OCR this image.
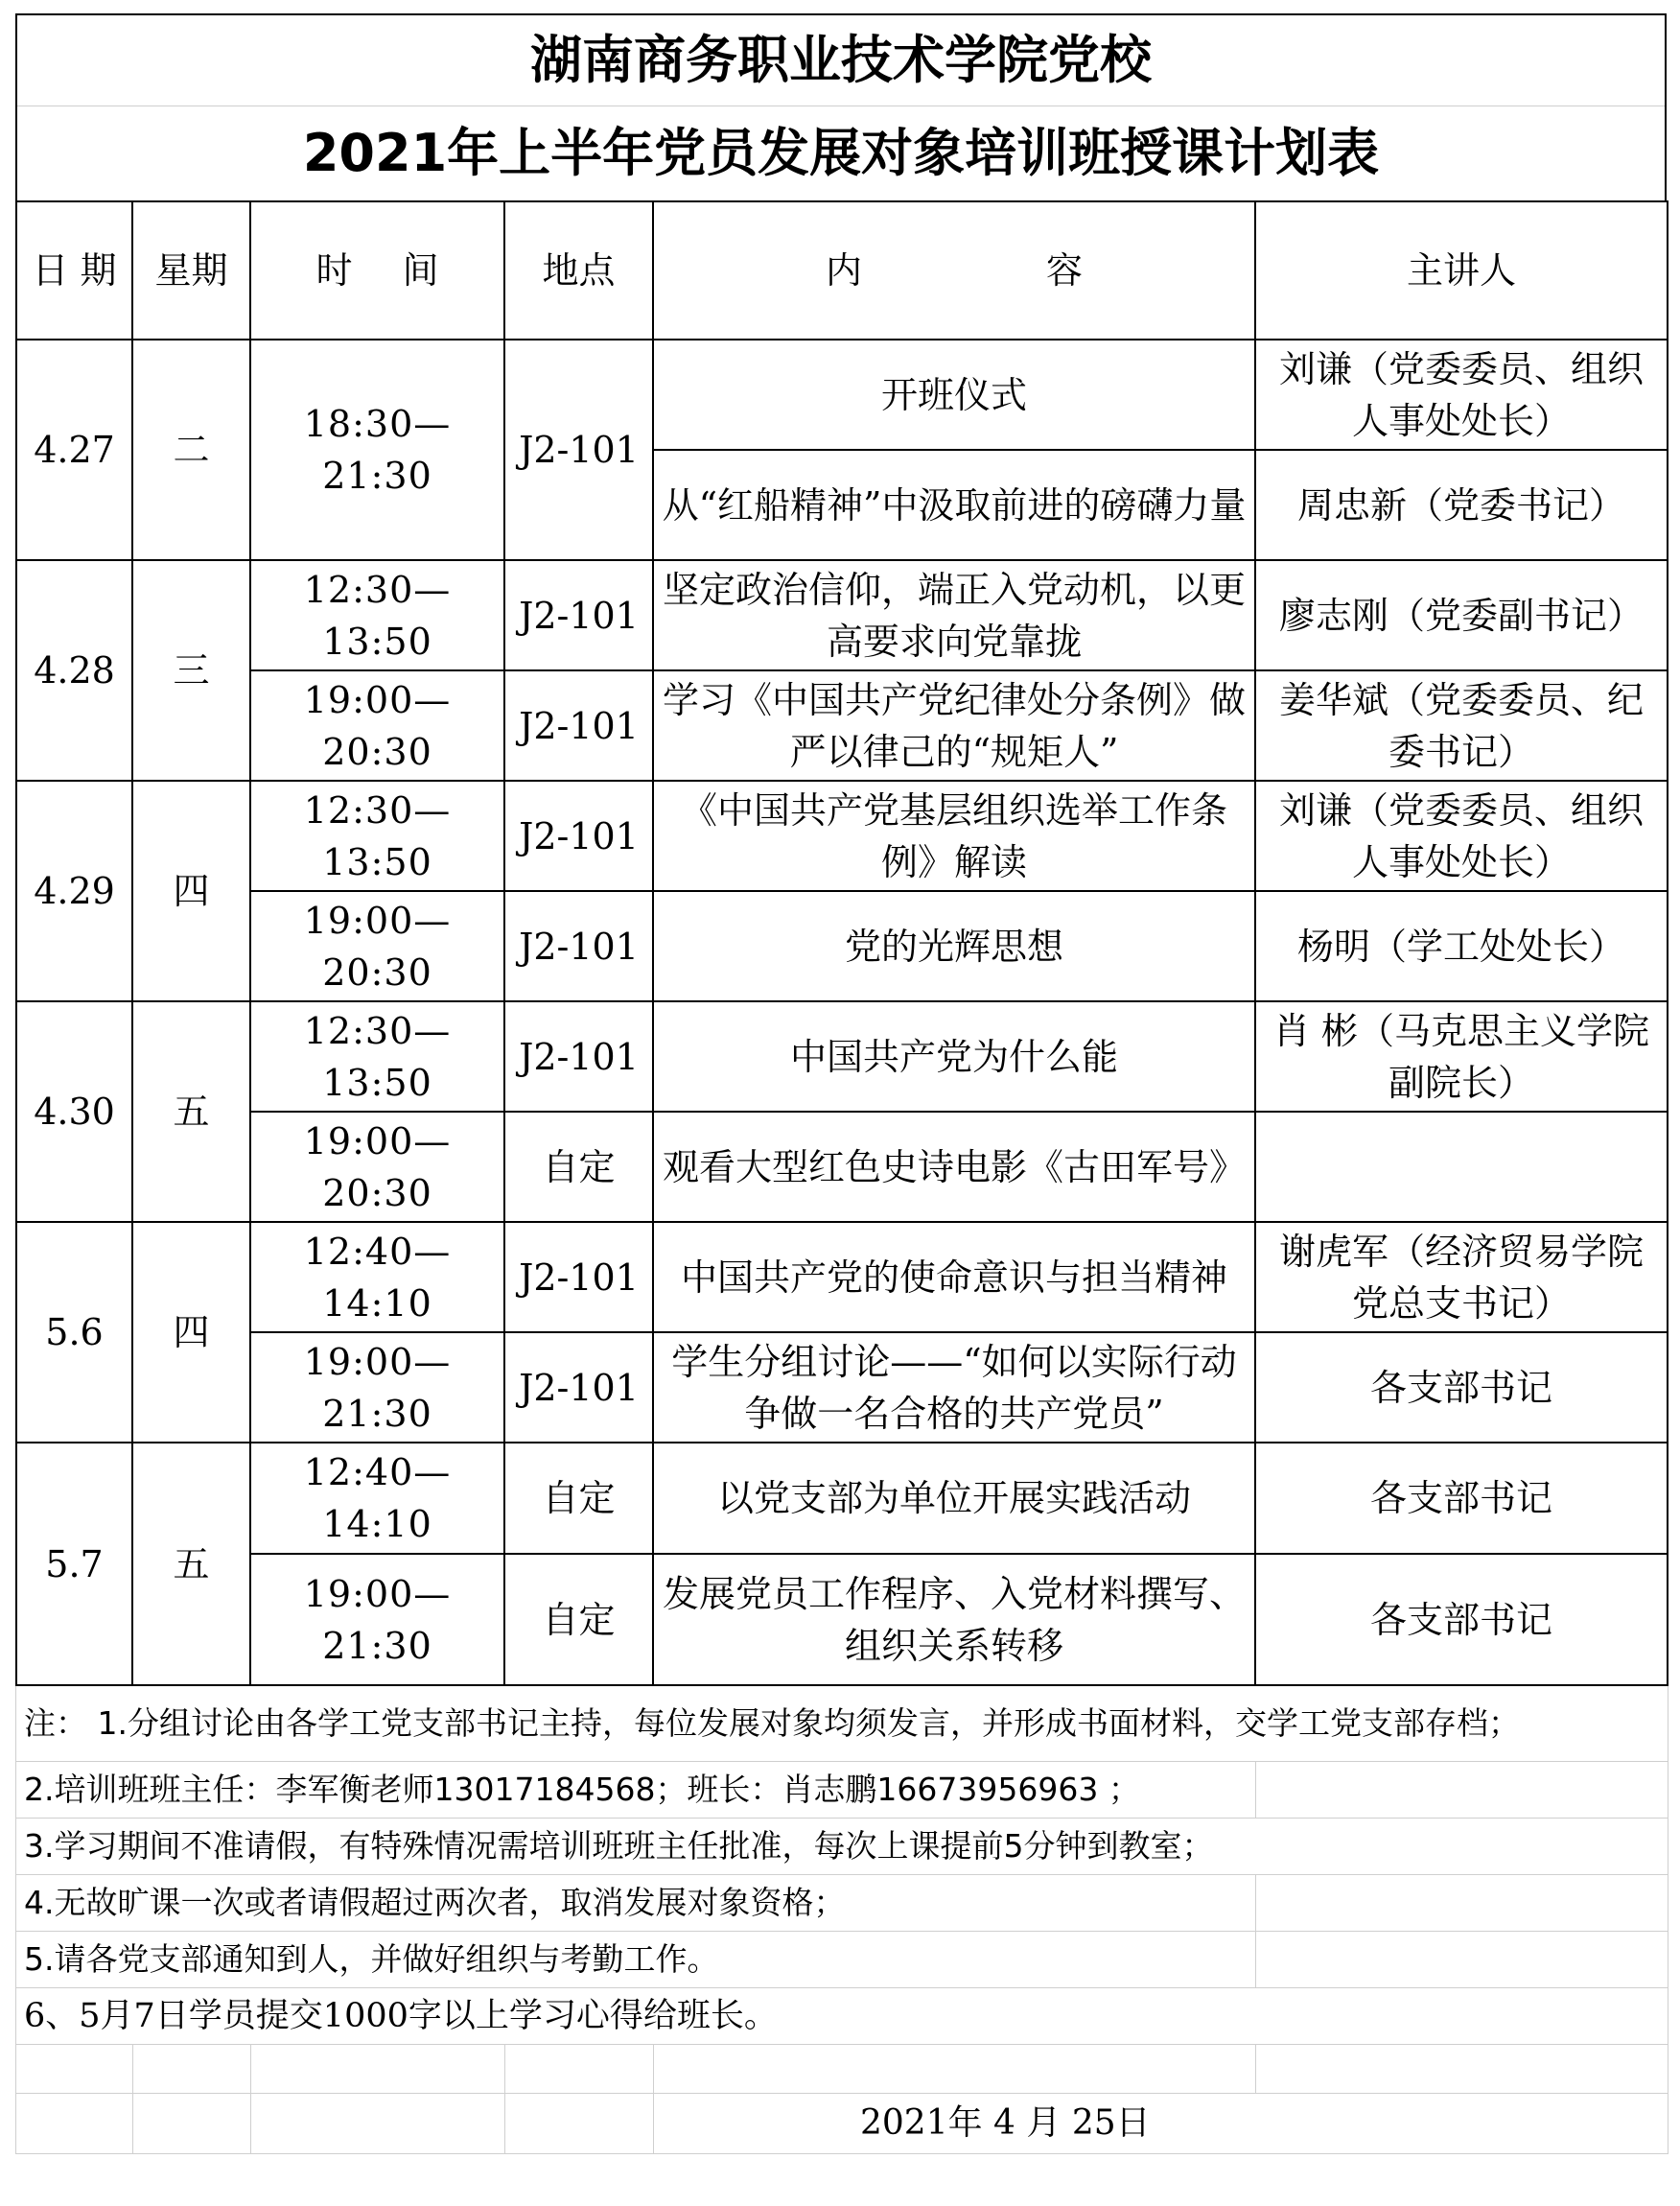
湖南商务职业技术学院党校
2021年上半年党员发展对象培训班授课计划表
日 期	星期	时 间	地点	内 容	主讲人
4.27	二	18:30—21:30	J2-101	开班仪式	刘谦（党委委员、组织人事处处长）
				从“红船精神”中汲取前进的磅礴力量	周忠新（党委书记）
4.28	三	12:30—13:50	J2-101	坚定政治信仰，端正入党动机，以更高要求向党靠拢	廖志刚（党委副书记）
		19:00—20:30	J2-101	学习《中国共产党纪律处分条例》做严以律己的“规矩人”	姜华斌（党委委员、纪委书记）
4.29	四	12:30—13:50	J2-101	《中国共产党基层组织选举工作条例》解读	刘谦（党委委员、组织人事处处长）
		19:00—20:30	J2-101	党的光辉思想	杨明（学工处处长）
4.30	五	12:30—13:50	J2-101	中国共产党为什么能	肖 彬（马克思主义学院副院长）
		19:00—20:30	自定	观看大型红色史诗电影《古田军号》	
5.6	四	12:40—14:10	J2-101	中国共产党的使命意识与担当精神	谢虎军（经济贸易学院党总支书记）
		19:00—21:30	J2-101	学生分组讨论——“如何以实际行动争做一名合格的共产党员”	各支部书记
5.7	五	12:40—14:10	自定	以党支部为单位开展实践活动	各支部书记
		19:00—21:30	自定	发展党员工作程序、入党材料撰写、组织关系转移	各支部书记
注： 1.分组讨论由各学工党支部书记主持，每位发展对象均须发言，并形成书面材料，交学工党支部存档；
2.培训班班主任：李军衡老师13017184568；班长：肖志鹏16673956963 ；
3.学习期间不准请假，有特殊情况需培训班班主任批准，每次上课提前5分钟到教室；
4.无故旷课一次或者请假超过两次者，取消发展对象资格；
5.请各党支部通知到人，并做好组织与考勤工作。
6、5月7日学员提交1000字以上学习心得给班长。
2021年 4 月 25日
